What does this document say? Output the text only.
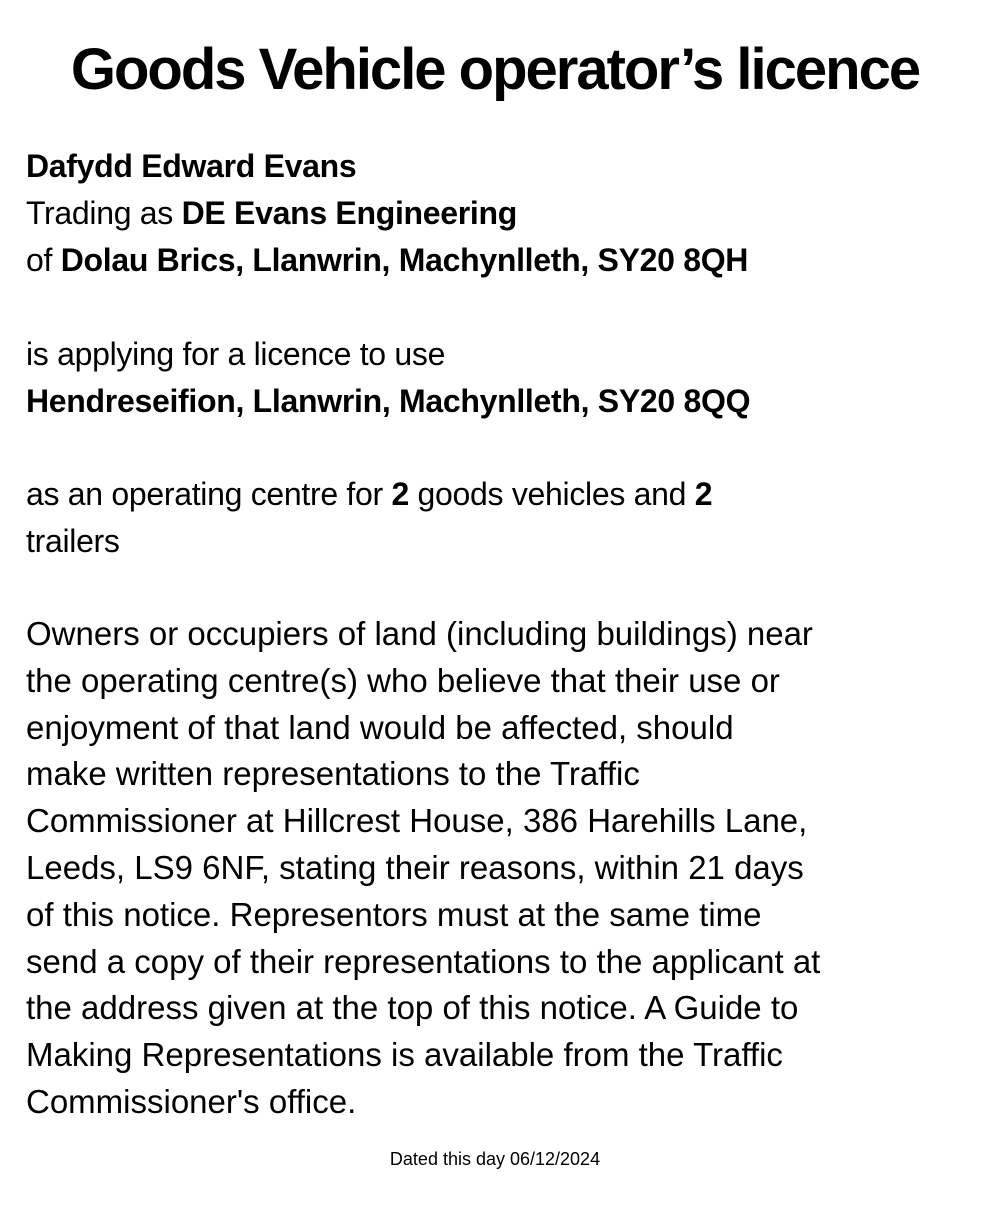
Goods Vehicle operator’s licence
Dafydd Edward Evans
Trading as DE Evans Engineering
of Dolau Brics, Llanwrin, Machynlleth, SY20 8QH
is applying for a licence to use
Hendreseifion, Llanwrin, Machynlleth, SY20 8QQ
as an operating centre for 2 goods vehicles and 2
trailers

Owners or occupiers of land (including buildings) near
the operating centre(s) who believe that their use or
enjoyment of that land would be affected, should
make written representations to the Traffic
Commissioner at Hillcrest House, 386 Harehills Lane,
Leeds, LS9 6NF, stating their reasons, within 21 days
of this notice. Representors must at the same time
send a copy of their representations to the applicant at
the address given at the top of this notice. A Guide to
Making Representations is available from the Traffic
Commissioner's office.

Dated this day 06/12/2024
